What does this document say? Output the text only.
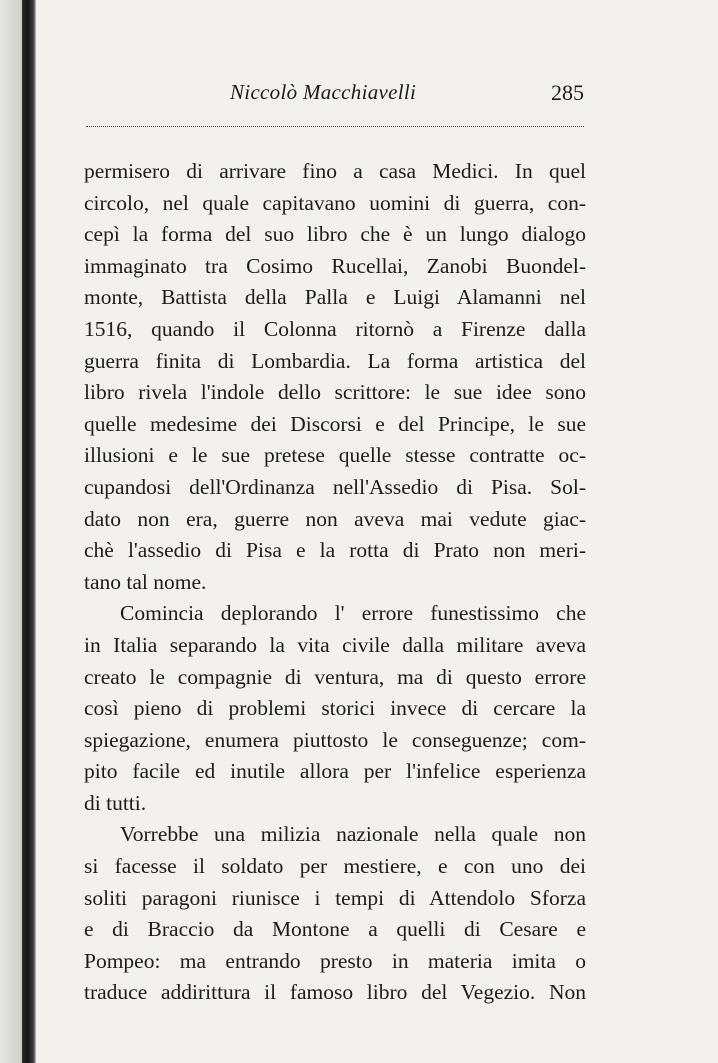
Niccolò Macchiavelli	285
permisero di arrivare fino a casa Medici. In quel
circolo, nel quale capitavano uomini di guerra, con-
cepì la forma del suo libro che è un lungo dialogo
immaginato tra Cosimo Rucellai, Zanobi Buondel-
monte, Battista della Palla e Luigi Alamanni nel
1516, quando il Colonna ritornò a Firenze dalla
guerra finita di Lombardia. La forma artistica del
libro rivela l'indole dello scrittore: le sue idee sono
quelle medesime dei Discorsi e del Principe, le sue
illusioni e le sue pretese quelle stesse contratte oc-
cupandosi dell'Ordinanza nell'Assedio di Pisa. Sol-
dato non era, guerre non aveva mai vedute giac-
chè l'assedio di Pisa e la rotta di Prato non meri-
tano tal nome.
Comincia deplorando l' errore funestissimo che
in Italia separando la vita civile dalla militare aveva
creato le compagnie di ventura, ma di questo errore
così pieno di problemi storici invece di cercare la
spiegazione, enumera piuttosto le conseguenze; com-
pito facile ed inutile allora per l'infelice esperienza
di tutti.
Vorrebbe una milizia nazionale nella quale non
si facesse il soldato per mestiere, e con uno dei
soliti paragoni riunisce i tempi di Attendolo Sforza
e di Braccio da Montone a quelli di Cesare e
Pompeo: ma entrando presto in materia imita o
traduce addirittura il famoso libro del Vegezio. Non
